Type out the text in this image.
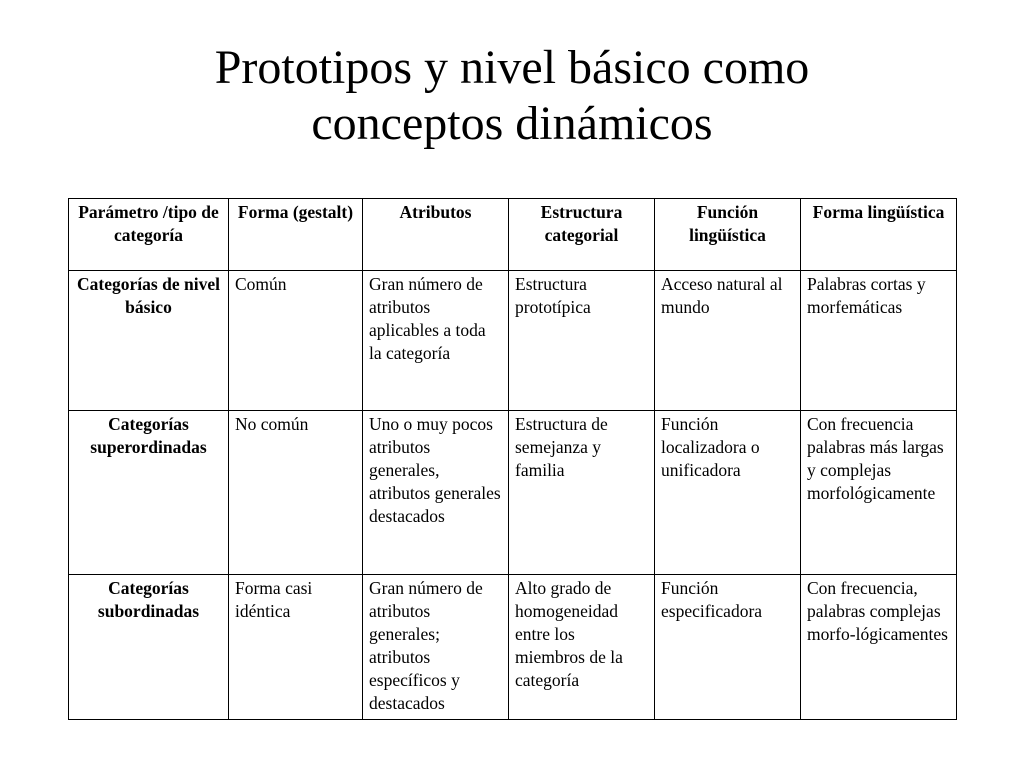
Prototipos y nivel básico como
conceptos dinámicos
Parámetro /tipo de categoría	Forma (gestalt)	Atributos	Estructura categorial	Función lingüística	Forma lingüística
Categorías de nivel básico	Común	Gran número de atributos aplicables a toda la categoría	Estructura prototípica	Acceso natural al mundo	Palabras cortas y morfemáticas
Categorías superordinadas	No común	Uno o muy pocos atributos generales, atributos generales destacados	Estructura de semejanza y familia	Función localizadora o unificadora	Con frecuencia palabras más largas y complejas morfológicamente
Categorías subordinadas	Forma casi idéntica	Gran número de atributos generales; atributos específicos y destacados	Alto grado de homogeneidad entre los miembros de la categoría	Función especificadora	Con frecuencia, palabras complejas morfo-lógicamentes
